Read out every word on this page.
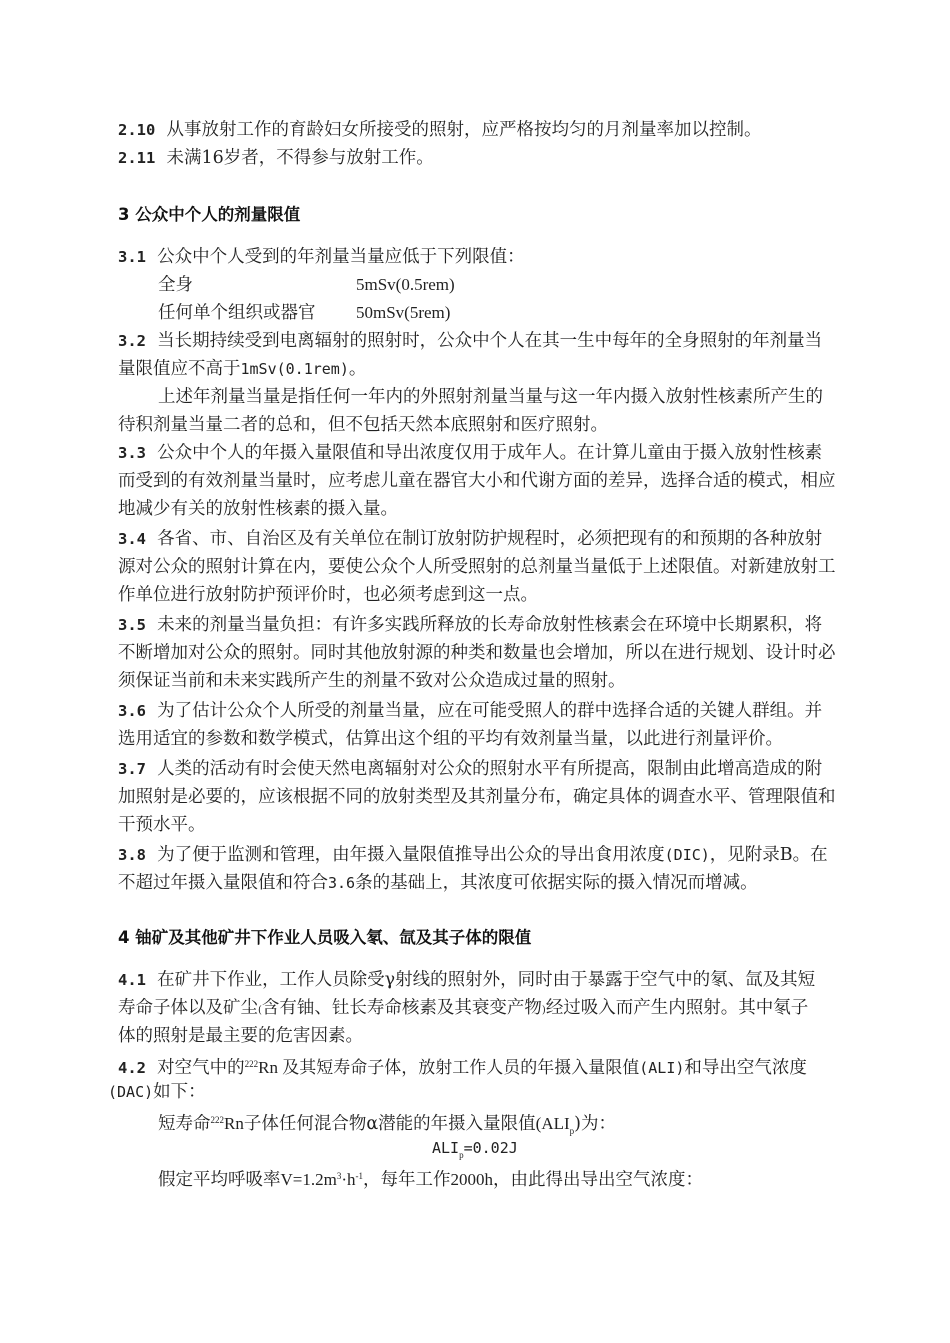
2.10 从事放射工作的育龄妇女所接受的照射，应严格按均匀的月剂量率加以控制。
2.11 未满16岁者，不得参与放射工作。
3 公众中个人的剂量限值
3.1 公众中个人受到的年剂量当量应低于下列限值：
全身	5mSv(0.5rem)
任何单个组织或器官 50mSv(5rem)
3.2 当长期持续受到电离辐射的照射时，公众中个人在其一生中每年的全身照射的年剂量当
量限值应不高于1mSv(0.1rem)。
上述年剂量当量是指任何一年内的外照射剂量当量与这一年内摄入放射性核素所产生的
待积剂量当量二者的总和，但不包括天然本底照射和医疗照射。
3.3 公众中个人的年摄入量限值和导出浓度仅用于成年人。在计算儿童由于摄入放射性核素
而受到的有效剂量当量时，应考虑儿童在器官大小和代谢方面的差异，选择合适的模式，相应
地减少有关的放射性核素的摄入量。
3.4 各省、市、自治区及有关单位在制订放射防护规程时，必须把现有的和预期的各种放射
源对公众的照射计算在内，要使公众个人所受照射的总剂量当量低于上述限值。对新建放射工
作单位进行放射防护预评价时，也必须考虑到这一点。
3.5 未来的剂量当量负担：有许多实践所释放的长寿命放射性核素会在环境中长期累积，将
不断增加对公众的照射。同时其他放射源的种类和数量也会增加，所以在进行规划、设计时必
须保证当前和未来实践所产生的剂量不致对公众造成过量的照射。
3.6 为了估计公众个人所受的剂量当量，应在可能受照人的群中选择合适的关键人群组。并
选用适宜的参数和数学模式，估算出这个组的平均有效剂量当量，以此进行剂量评价。
3.7 人类的活动有时会使天然电离辐射对公众的照射水平有所提高，限制由此增高造成的附
加照射是必要的，应该根据不同的放射类型及其剂量分布，确定具体的调查水平、管理限值和
干预水平。
3.8 为了便于监测和管理，由年摄入量限值推导出公众的导出食用浓度(DIC)，见附录B。在
不超过年摄入量限值和符合3.6条的基础上，其浓度可依据实际的摄入情况而增减。
4 铀矿及其他矿井下作业人员吸入氡、氙及其子体的限值
4.1 在矿井下作业，工作人员除受γ射线的照射外，同时由于暴露于空气中的氡、氙及其短
寿命子体以及矿尘(含有铀、钍长寿命核素及其衰变产物)经过吸入而产生内照射。其中氡子
体的照射是最主要的危害因素。
4.2 对空气中的$^{222}$Rn 及其短寿命子体，放射工作人员的年摄入量限值(ALI)和导出空气浓度
(DAC)如下：
短寿命$^{222}$Rn子体任何混合物α潜能的年摄入量限值$(ALI_p)$为：
$ALI_p=0.02J$
假定平均呼吸率$V=1.2m^3\cdot h^{-1}$，每年工作2000h，由此得出导出空气浓度：
